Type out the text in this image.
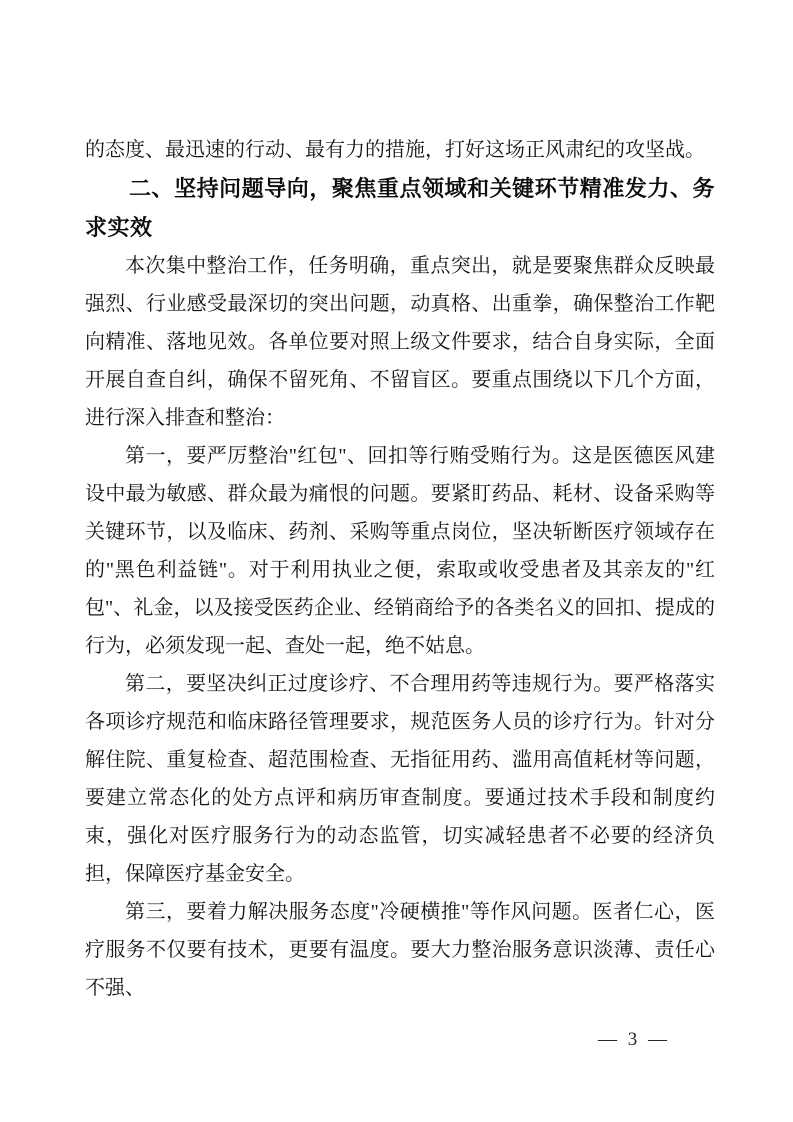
的态度、最迅速的行动、最有力的措施，打好这场正风肃纪的攻坚战。

二、坚持问题导向，聚焦重点领域和关键环节精准发力、务求实效

本次集中整治工作，任务明确，重点突出，就是要聚焦群众反映最强烈、行业感受最深切的突出问题，动真格、出重拳，确保整治工作靶向精准、落地见效。各单位要对照上级文件要求，结合自身实际，全面开展自查自纠，确保不留死角、不留盲区。要重点围绕以下几个方面，进行深入排查和整治：

第一，要严厉整治"红包"、回扣等行贿受贿行为。这是医德医风建设中最为敏感、群众最为痛恨的问题。要紧盯药品、耗材、设备采购等关键环节，以及临床、药剂、采购等重点岗位，坚决斩断医疗领域存在的"黑色利益链"。对于利用执业之便，索取或收受患者及其亲友的"红包"、礼金，以及接受医药企业、经销商给予的各类名义的回扣、提成的行为，必须发现一起、查处一起，绝不姑息。

第二，要坚决纠正过度诊疗、不合理用药等违规行为。要严格落实各项诊疗规范和临床路径管理要求，规范医务人员的诊疗行为。针对分解住院、重复检查、超范围检查、无指征用药、滥用高值耗材等问题，要建立常态化的处方点评和病历审查制度。要通过技术手段和制度约束，强化对医疗服务行为的动态监管，切实减轻患者不必要的经济负担，保障医疗基金安全。

第三，要着力解决服务态度"冷硬横推"等作风问题。医者仁心，医疗服务不仅要有技术，更要有温度。要大力整治服务意识淡薄、责任心不强、

— 3 —
